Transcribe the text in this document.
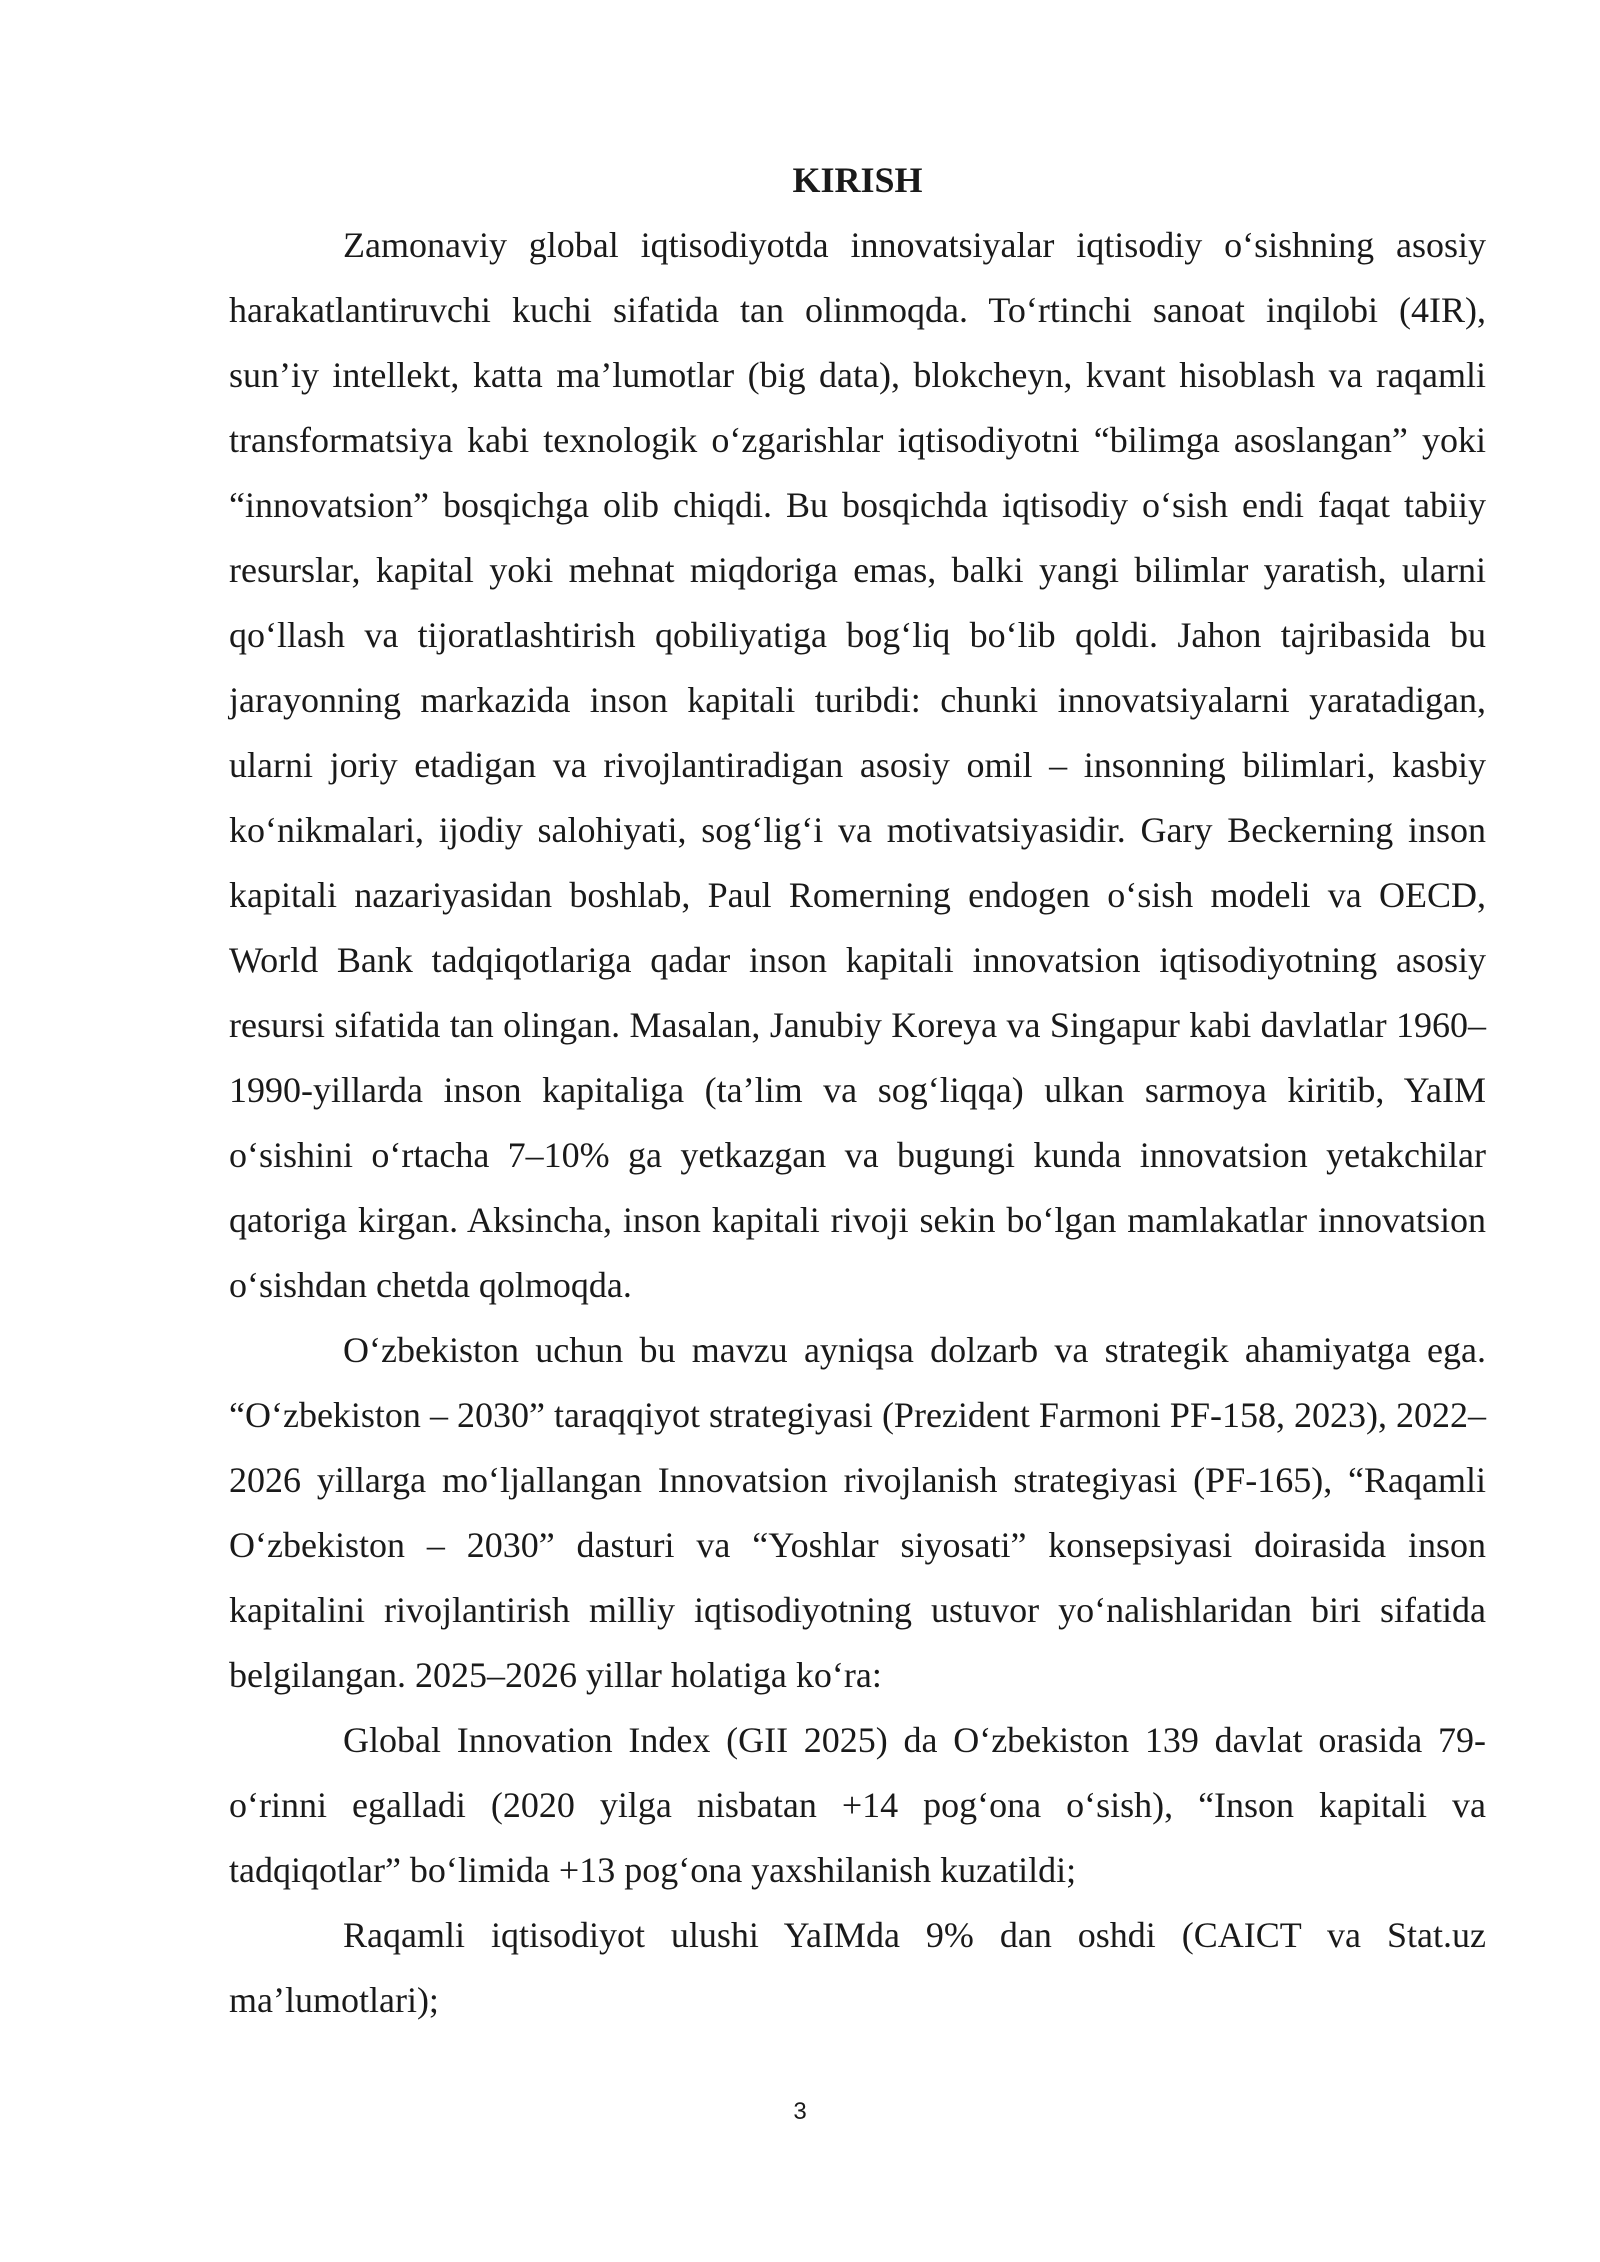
KIRISH

Zamonaviy global iqtisodiyotda innovatsiyalar iqtisodiy o‘sishning asosiy harakatlantiruvchi kuchi sifatida tan olinmoqda. To‘rtinchi sanoat inqilobi (4IR), sun’iy intellekt, katta ma’lumotlar (big data), blokcheyn, kvant hisoblash va raqamli transformatsiya kabi texnologik o‘zgarishlar iqtisodiyotni “bilimga asoslangan” yoki “innovatsion” bosqichga olib chiqdi. Bu bosqichda iqtisodiy o‘sish endi faqat tabiiy resurslar, kapital yoki mehnat miqdoriga emas, balki yangi bilimlar yaratish, ularni qo‘llash va tijoratlashtirish qobiliyatiga bog‘liq bo‘lib qoldi. Jahon tajribasida bu jarayonning markazida inson kapitali turibdi: chunki innovatsiyalarni yaratadigan, ularni joriy etadigan va rivojlantiradigan asosiy omil – insonning bilimlari, kasbiy ko‘nikmalari, ijodiy salohiyati, sog‘lig‘i va motivatsiyasidir. Gary Beckerning inson kapitali nazariyasidan boshlab, Paul Romerning endogen o‘sish modeli va OECD, World Bank tadqiqotlariga qadar inson kapitali innovatsion iqtisodiyotning asosiy resursi sifatida tan olingan. Masalan, Janubiy Koreya va Singapur kabi davlatlar 1960–1990-yillarda inson kapitaliga (ta’lim va sog‘liqqa) ulkan sarmoya kiritib, YaIM o‘sishini o‘rtacha 7–10% ga yetkazgan va bugungi kunda innovatsion yetakchilar qatoriga kirgan. Aksincha, inson kapitali rivoji sekin bo‘lgan mamlakatlar innovatsion o‘sishdan chetda qolmoqda.

O‘zbekiston uchun bu mavzu ayniqsa dolzarb va strategik ahamiyatga ega. “O‘zbekiston – 2030” taraqqiyot strategiyasi (Prezident Farmoni PF-158, 2023), 2022–2026 yillarga mo‘ljallangan Innovatsion rivojlanish strategiyasi (PF-165), “Raqamli O‘zbekiston – 2030” dasturi va “Yoshlar siyosati” konsepsiyasi doirasida inson kapitalini rivojlantirish milliy iqtisodiyotning ustuvor yo‘nalishlaridan biri sifatida belgilangan. 2025–2026 yillar holatiga ko‘ra:

Global Innovation Index (GII 2025) da O‘zbekiston 139 davlat orasida 79-o‘rinni egalladi (2020 yilga nisbatan +14 pog‘ona o‘sish), “Inson kapitali va tadqiqotlar” bo‘limida +13 pog‘ona yaxshilanish kuzatildi;

Raqamli iqtisodiyot ulushi YaIMda 9% dan oshdi (CAICT va Stat.uz ma’lumotlari);

3
